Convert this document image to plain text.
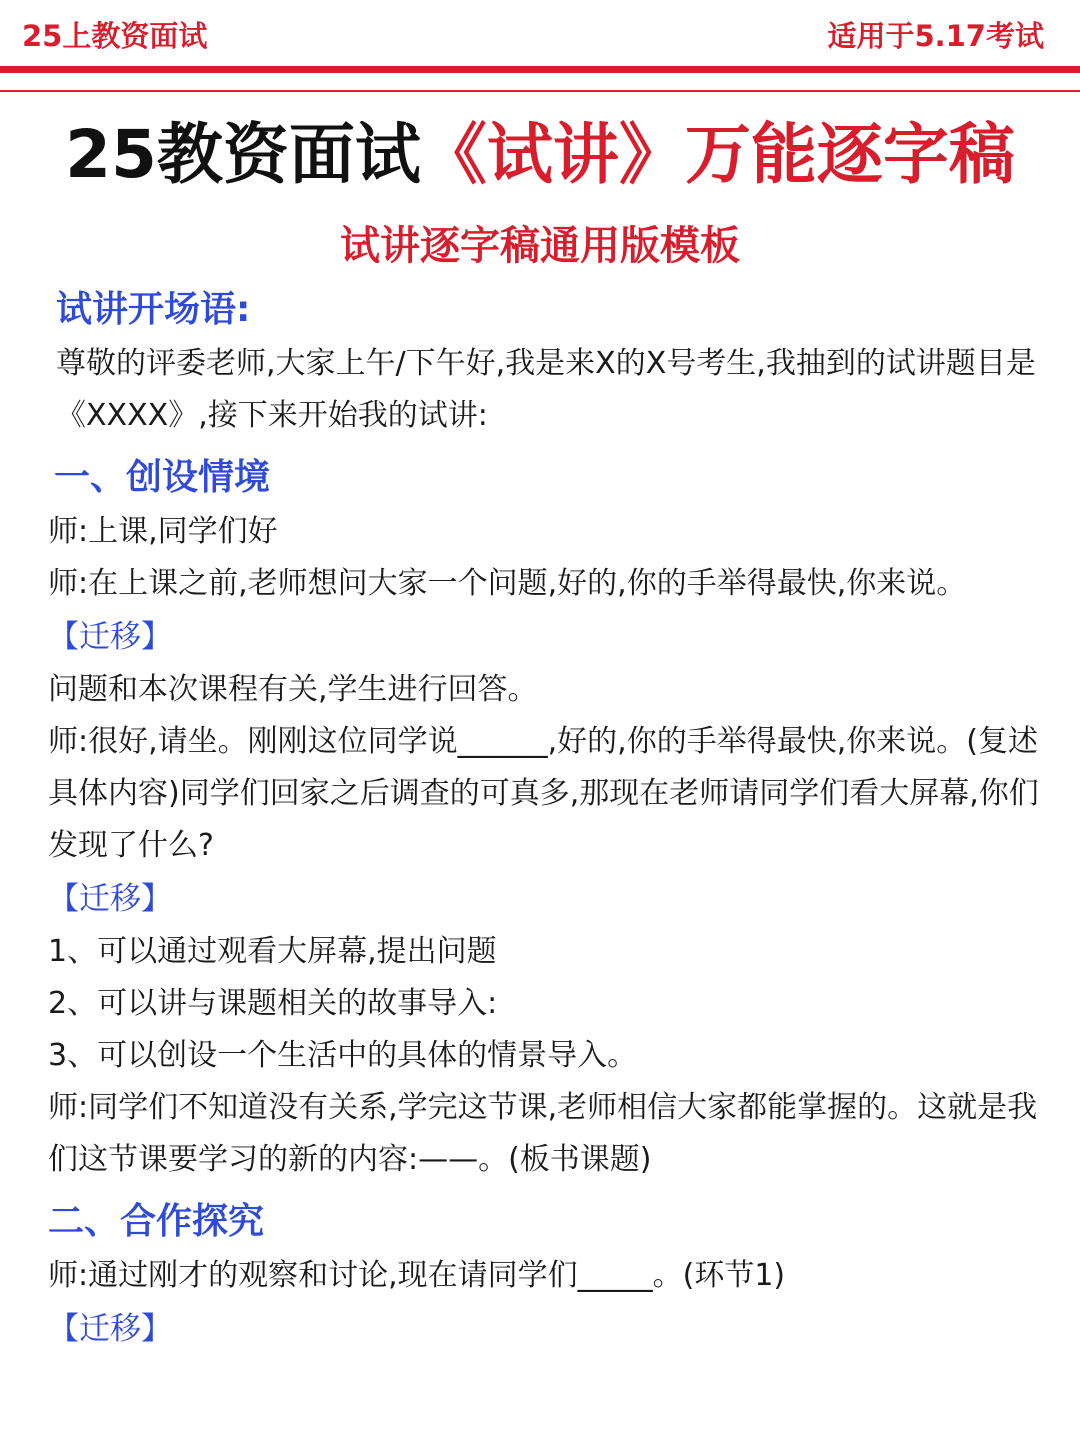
25上教资面试	适用于5.17考试
25教资面试《试讲》万能逐字稿
试讲逐字稿通用版模板
试讲开场语:
尊敬的评委老师,大家上午/下午好,我是来X的X号考生,我抽到的试讲题目是《XXXX》,接下来开始我的试讲:
一、创设情境
师:上课,同学们好
师:在上课之前,老师想问大家一个问题,好的,你的手举得最快,你来说。
【迁移】
问题和本次课程有关,学生进行回答。
师:很好,请坐。刚刚这位同学说______,好的,你的手举得最快,你来说。(复述具体内容)同学们回家之后调查的可真多,那现在老师请同学们看大屏幕,你们发现了什么?
【迁移】
1、可以通过观看大屏幕,提出问题
2、可以讲与课题相关的故事导入:
3、可以创设一个生活中的具体的情景导入。
师:同学们不知道没有关系,学完这节课,老师相信大家都能掌握的。这就是我们这节课要学习的新的内容:——。(板书课题)
二、合作探究
师:通过刚才的观察和讨论,现在请同学们_____。(环节1)
【迁移】
